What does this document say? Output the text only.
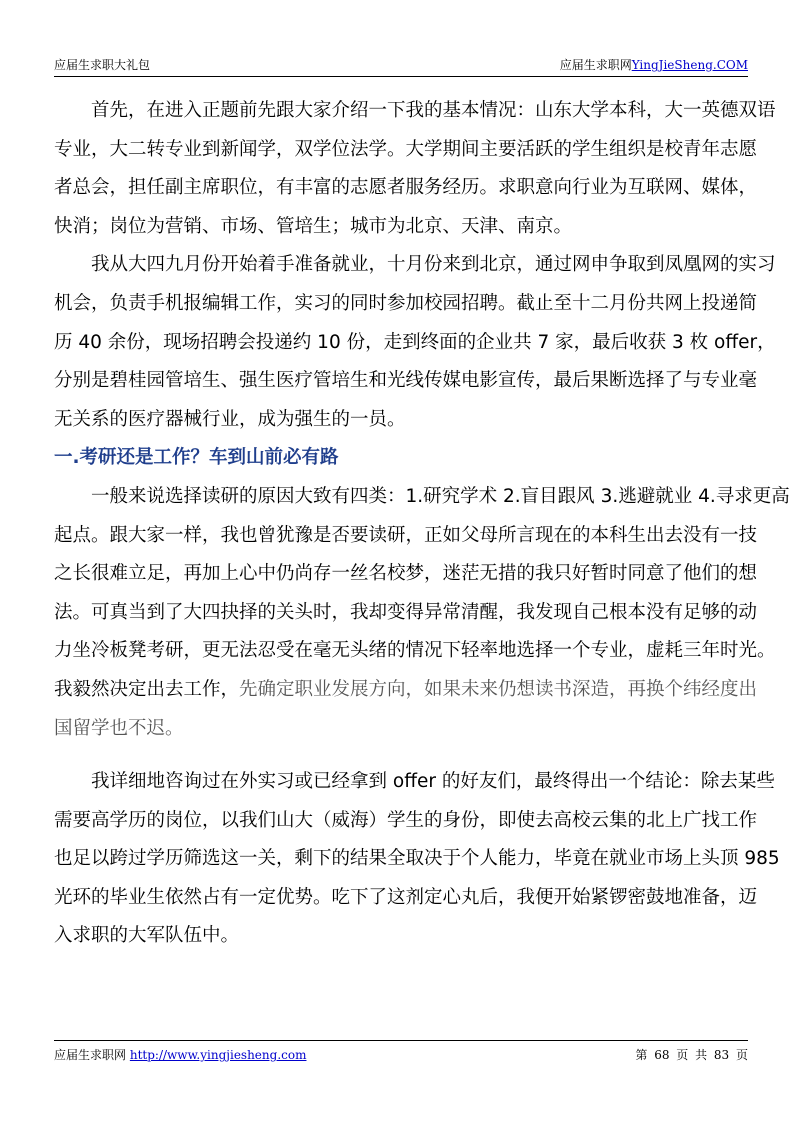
应届生求职大礼包	应届生求职网YingJieSheng.COM

首先，在进入正题前先跟大家介绍一下我的基本情况：山东大学本科，大一英德双语
专业，大二转专业到新闻学，双学位法学。大学期间主要活跃的学生组织是校青年志愿
者总会，担任副主席职位，有丰富的志愿者服务经历。求职意向行业为互联网、媒体，
快消；岗位为营销、市场、管培生；城市为北京、天津、南京。

我从大四九月份开始着手准备就业，十月份来到北京，通过网申争取到凤凰网的实习
机会，负责手机报编辑工作，实习的同时参加校园招聘。截止至十二月份共网上投递简
历 40 余份，现场招聘会投递约 10 份，走到终面的企业共 7 家，最后收获 3 枚 offer，
分别是碧桂园管培生、强生医疗管培生和光线传媒电影宣传，最后果断选择了与专业毫
无关系的医疗器械行业，成为强生的一员。

一.考研还是工作？车到山前必有路

一般来说选择读研的原因大致有四类：1.研究学术 2.盲目跟风 3.逃避就业 4.寻求更高
起点。跟大家一样，我也曾犹豫是否要读研，正如父母所言现在的本科生出去没有一技
之长很难立足，再加上心中仍尚存一丝名校梦，迷茫无措的我只好暂时同意了他们的想
法。可真当到了大四抉择的关头时，我却变得异常清醒，我发现自己根本没有足够的动
力坐冷板凳考研，更无法忍受在毫无头绪的情况下轻率地选择一个专业，虚耗三年时光。
我毅然决定出去工作，先确定职业发展方向，如果未来仍想读书深造，再换个纬经度出
国留学也不迟。

我详细地咨询过在外实习或已经拿到 offer 的好友们，最终得出一个结论：除去某些
需要高学历的岗位，以我们山大（威海）学生的身份，即使去高校云集的北上广找工作
也足以跨过学历筛选这一关，剩下的结果全取决于个人能力，毕竟在就业市场上头顶 985
光环的毕业生依然占有一定优势。吃下了这剂定心丸后，我便开始紧锣密鼓地准备，迈
入求职的大军队伍中。

应届生求职网 http://www.yingjiesheng.com	第 68 页 共 83 页
